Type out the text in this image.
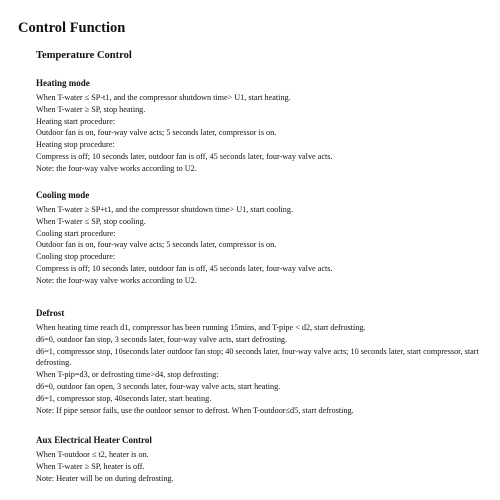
Control Function
Temperature Control
Heating mode

When T-water ≤ SP-t1, and the compressor shutdown time> U1, start heating.

When T-water ≥ SP, stop heating.

Heating start procedure:

Outdoor fan is on, four-way valve acts; 5 seconds later, compressor is on.

Heating stop procedure:

Compress is off; 10 seconds later, outdoor fan is off, 45 seconds later, four-way valve acts.

Note: the four-way valve works according to U2.

Cooling mode

When T-water ≥ SP+t1, and the compressor shutdown time> U1, start cooling.

When T-water ≤ SP, stop cooling.

Cooling start procedure:

Outdoor fan is on, four-way valve acts; 5 seconds later, compressor is on.

Cooling stop procedure:

Compress is off; 10 seconds later, outdoor fan is off, 45 seconds later, four-way valve acts.

Note: the four-way valve works according to U2.

Defrost

When heating time reach d1, compressor has been running 15mins, and T-pipe < d2, start defrosting.

d6=0, outdoor fan stop, 3 seconds later, four-way valve acts, start defrosting.

d6=1, compressor stop, 10seconds later outdoor fan stop; 40 seconds later, four-way valve acts; 10 seconds later, start compressor, start defrosting.

When T-pip=d3, or defrosting time>d4, stop defrosting:

d6=0, outdoor fan open, 3 seconds later, four-way valve acts, start heating.

d6=1, compressor stop, 40seconds later, start heating.

Note: If pipe sensor fails, use the outdoor sensor to defrost. When T-outdoor≤d5, start defrosting.

Aux Electrical Heater Control

When T-outdoor ≤ t2, heater is on.

When T-water ≥ SP, heater is off.

Note: Heater will be on during defrosting.
